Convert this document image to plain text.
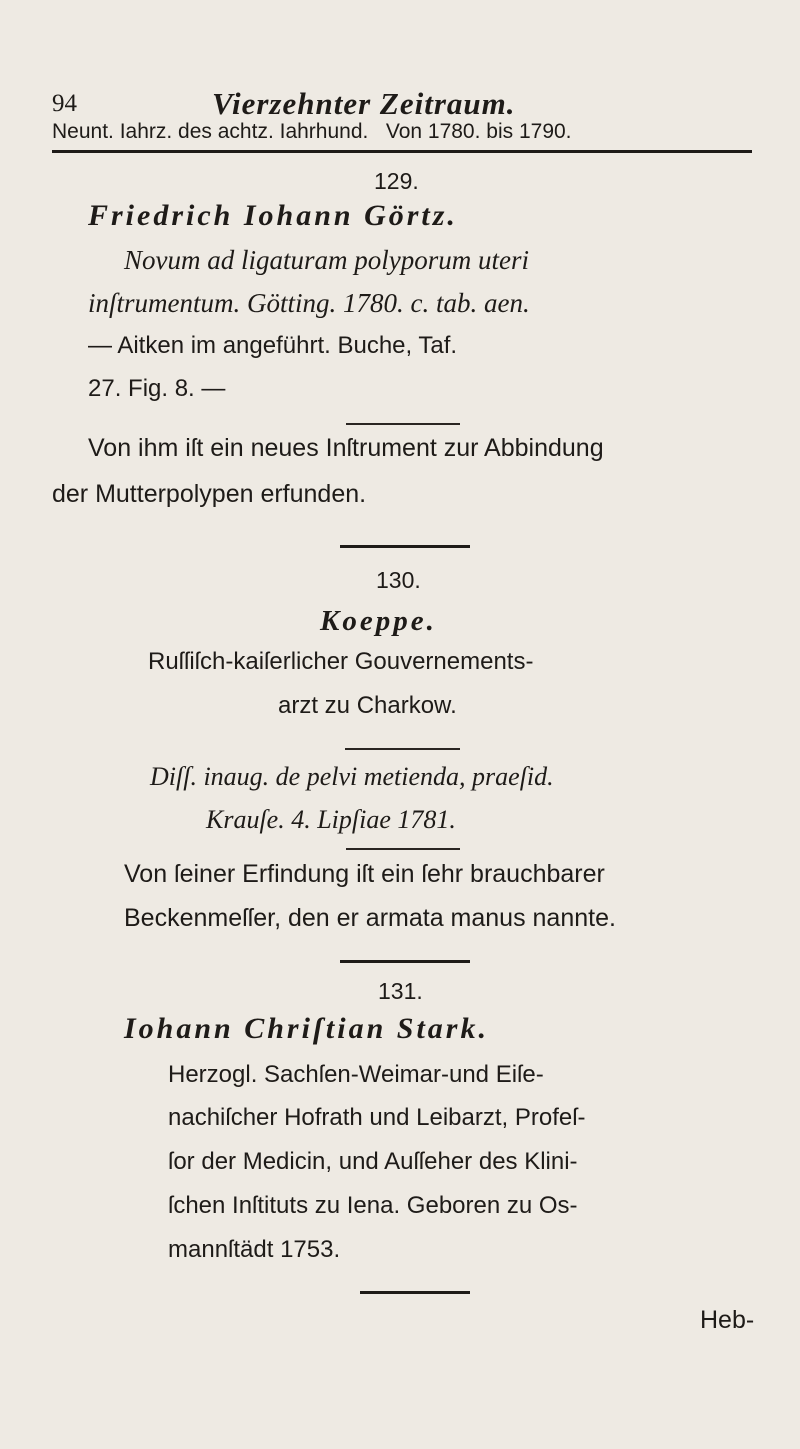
94	Vierzehnter Zeitraum.
Neunt. Iahrz. des achtz. Iahrhund.   Von 1780. bis 1790.
129.
Friedrich Iohann Görtz.
Novum ad ligaturam polyporum uteri
inſtrumentum. Götting. 1780. c. tab. aen.
— Aitken im angeführt. Buche, Taf.
27. Fig. 8. —
Von ihm iſt ein neues Inſtrument zur Abbindung
der Mutterpolypen erfunden.
130.
Koeppe.
Ruſſiſch-kaiſerlicher Gouvernements-
arzt zu Charkow.
Diſſ. inaug. de pelvi metienda, praeſid.
Krauſe. 4. Lipſiae 1781.
Von ſeiner Erfindung iſt ein ſehr brauchbarer
Beckenmeſſer, den er armata manus nannte.
131.
Iohann Chriſtian Stark.
Herzogl. Sachſen-Weimar-und Eiſe-
nachiſcher Hofrath und Leibarzt, Profeſ-
ſor der Medicin, und Auſſeher des Klini-
ſchen Inſtituts zu Iena. Geboren zu Os-
mannſtädt 1753.
Heb-
